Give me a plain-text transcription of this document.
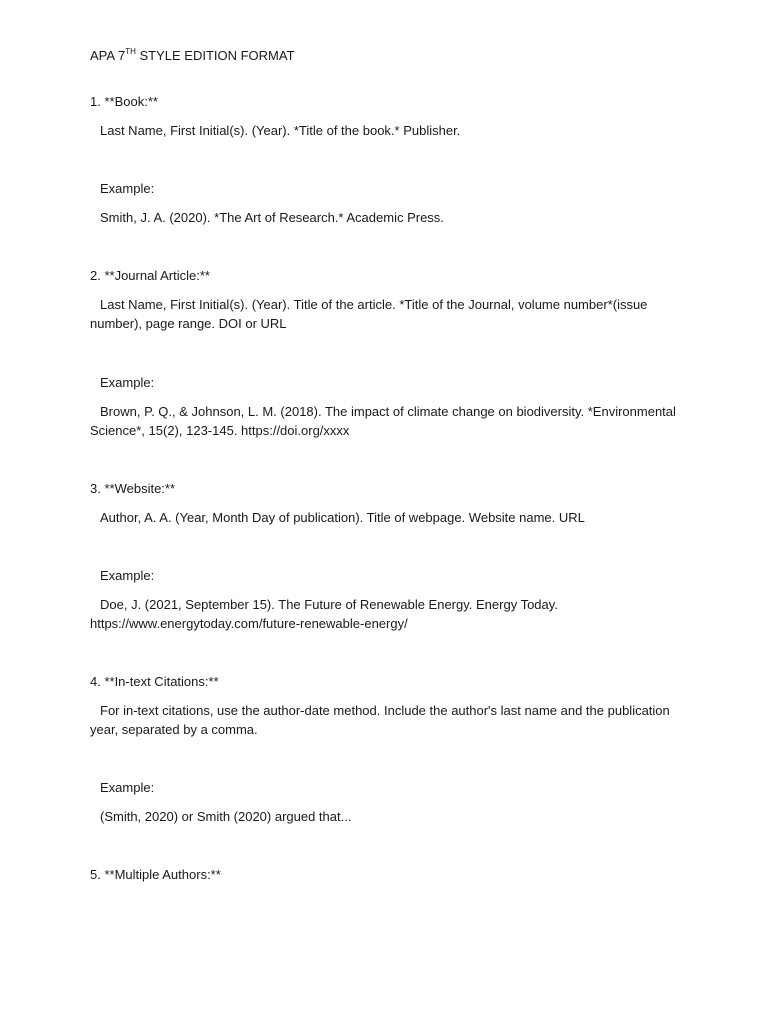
APA 7TH STYLE EDITION FORMAT
1. **Book:**
Last Name, First Initial(s). (Year). *Title of the book.* Publisher.
Example:
Smith, J. A. (2020). *The Art of Research.* Academic Press.
2. **Journal Article:**
Last Name, First Initial(s). (Year). Title of the article. *Title of the Journal, volume number*(issue number), page range. DOI or URL
Example:
Brown, P. Q., & Johnson, L. M. (2018). The impact of climate change on biodiversity. *Environmental Science*, 15(2), 123-145. https://doi.org/xxxx
3. **Website:**
Author, A. A. (Year, Month Day of publication). Title of webpage. Website name. URL
Example:
Doe, J. (2021, September 15). The Future of Renewable Energy. Energy Today. https://www.energytoday.com/future-renewable-energy/
4. **In-text Citations:**
For in-text citations, use the author-date method. Include the author's last name and the publication year, separated by a comma.
Example:
(Smith, 2020) or Smith (2020) argued that...
5. **Multiple Authors:**
